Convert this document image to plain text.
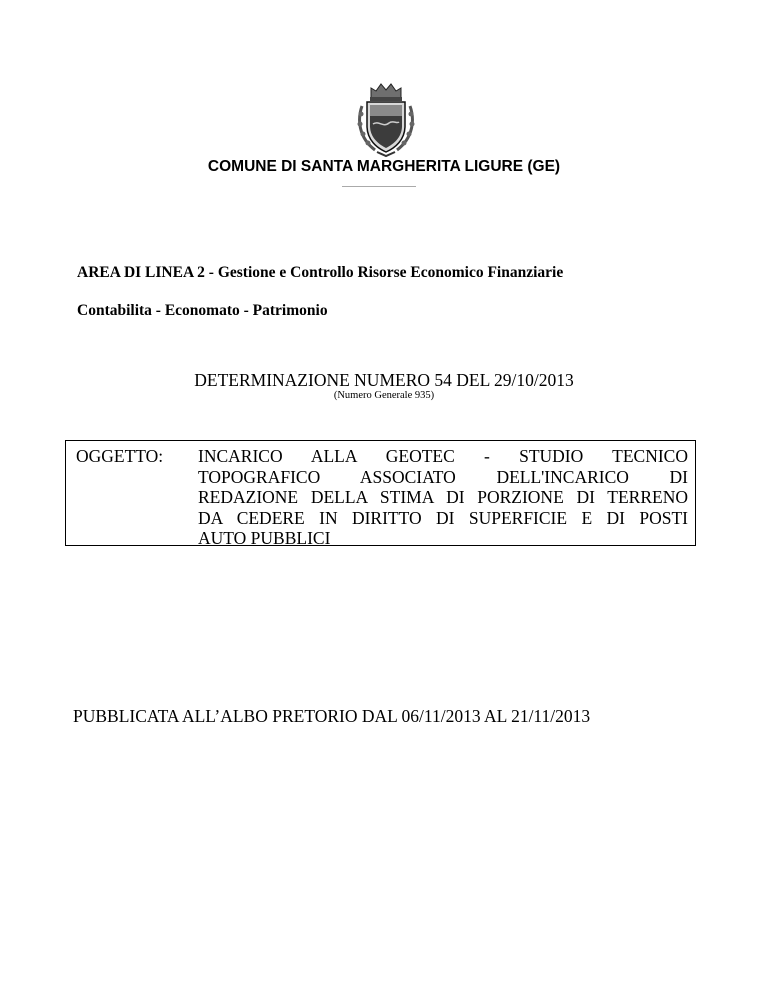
COMUNE DI SANTA MARGHERITA LIGURE (GE)
AREA DI LINEA 2 - Gestione e Controllo Risorse Economico Finanziarie
Contabilita - Economato - Patrimonio
DETERMINAZIONE NUMERO 54 DEL 29/10/2013
(Numero Generale 935)
OGGETTO: INCARICO ALLA GEOTEC - STUDIO TECNICO
TOPOGRAFICO ASSOCIATO DELL'INCARICO DI
REDAZIONE DELLA STIMA DI PORZIONE DI TERRENO
DA CEDERE IN DIRITTO DI SUPERFICIE E DI POSTI
AUTO PUBBLICI
PUBBLICATA ALL’ALBO PRETORIO DAL 06/11/2013 AL 21/11/2013
